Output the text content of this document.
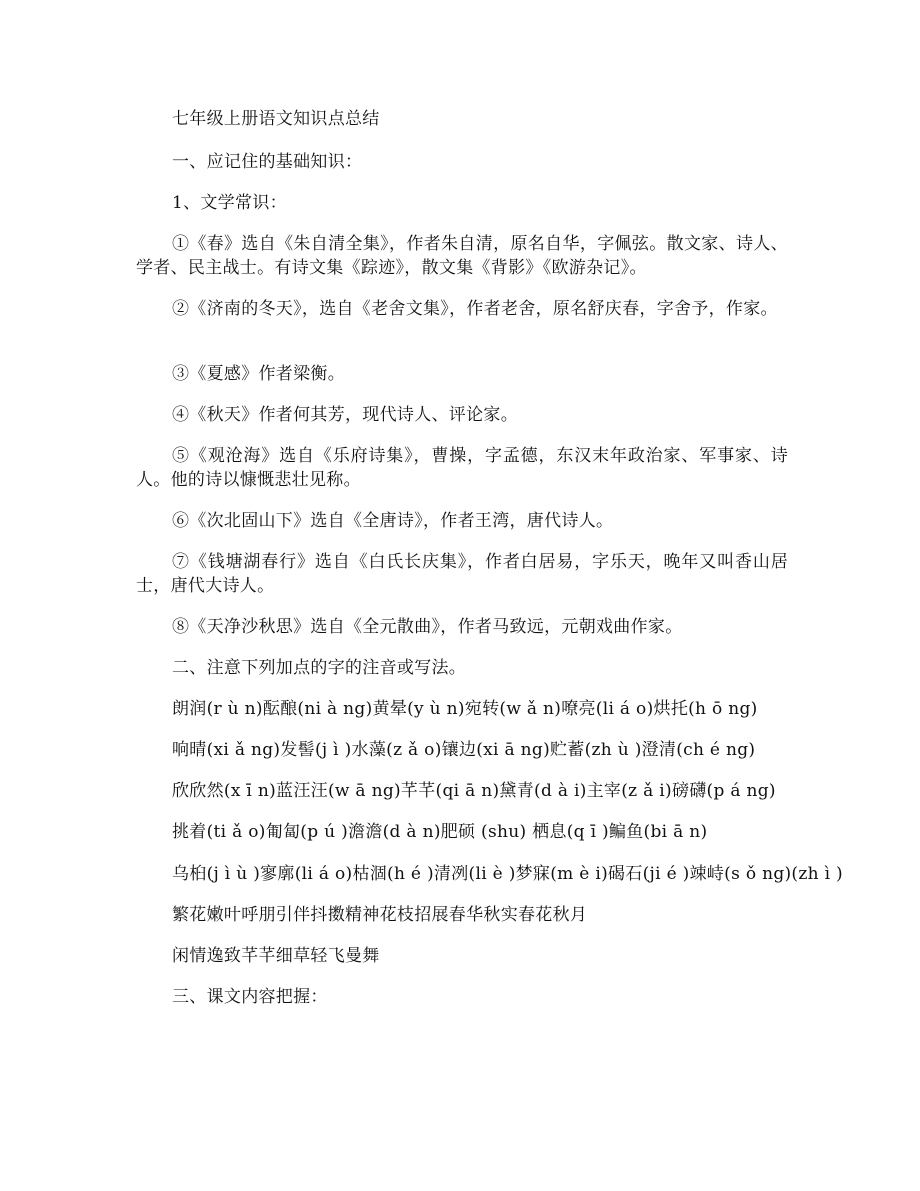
七年级上册语文知识点总结
一、应记住的基础知识：
1、文学常识：
①《春》选自《朱自清全集》，作者朱自清，原名自华，字佩弦。散文家、诗人、学者、民主战士。有诗文集《踪迹》，散文集《背影》《欧游杂记》。
②《济南的冬天》，选自《老舍文集》，作者老舍，原名舒庆春，字舍予，作家。
③《夏感》作者梁衡。
④《秋天》作者何其芳，现代诗人、评论家。
⑤《观沧海》选自《乐府诗集》，曹操，字孟德，东汉末年政治家、军事家、诗人。他的诗以慷慨悲壮见称。
⑥《次北固山下》选自《全唐诗》，作者王湾，唐代诗人。
⑦《钱塘湖春行》选自《白氏长庆集》，作者白居易，字乐天，晚年又叫香山居士，唐代大诗人。
⑧《天净沙秋思》选自《全元散曲》，作者马致远，元朝戏曲作家。
二、注意下列加点的字的注音或写法。
朗润(r ù n)酝酿(ni à ng)黄晕(y ù n)宛转(w ǎ n)嘹亮(li á o)烘托(h ō ng)
响晴(xi ǎ ng)发髻(j ì )水藻(z ǎ o)镶边(xi ā ng)贮蓄(zh ù )澄清(ch é ng)
欣欣然(x ī n)蓝汪汪(w ā ng)芊芊(qi ā n)黛青(d à i)主宰(z ǎ i)磅礴(p á ng)
挑着(ti ǎ o)匍匐(p ú )澹澹(d à n)肥硕 (shu) 栖息(q ī )鳊鱼(bi ā n)
乌桕(j ì ù )寥廓(li á o)枯涸(h é )清冽(li è )梦寐(m è i)碣石(ji é )竦峙(s ǒ ng)(zh ì )
繁花嫩叶呼朋引伴抖擞精神花枝招展春华秋实春花秋月
闲情逸致芊芊细草轻飞曼舞
三、课文内容把握：
